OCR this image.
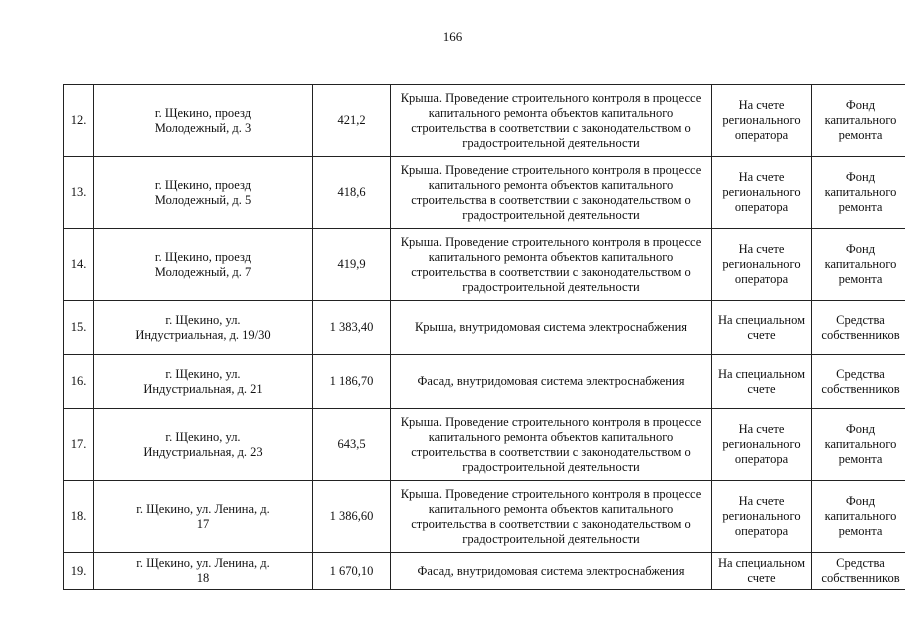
166
12.	г. Щекино, проезд
Молодежный, д. 3	421,2	Крыша. Проведение строительного контроля в процессе
капитального ремонта объектов капитального
строительства в соответствии с законодательством о
градостроительной деятельности	На счете
регионального
оператора	Фонд
капитального
ремонта
13.	г. Щекино, проезд
Молодежный, д. 5	418,6	Крыша. Проведение строительного контроля в процессе
капитального ремонта объектов капитального
строительства в соответствии с законодательством о
градостроительной деятельности	На счете
регионального
оператора	Фонд
капитального
ремонта
14.	г. Щекино, проезд
Молодежный, д. 7	419,9	Крыша. Проведение строительного контроля в процессе
капитального ремонта объектов капитального
строительства в соответствии с законодательством о
градостроительной деятельности	На счете
регионального
оператора	Фонд
капитального
ремонта
15.	г. Щекино, ул.
Индустриальная, д. 19/30	1 383,40	Крыша, внутридомовая система электроснабжения	На специальном
счете	Средства
собственников
16.	г. Щекино, ул.
Индустриальная, д. 21	1 186,70	Фасад, внутридомовая система электроснабжения	На специальном
счете	Средства
собственников
17.	г. Щекино, ул.
Индустриальная, д. 23	643,5	Крыша. Проведение строительного контроля в процессе
капитального ремонта объектов капитального
строительства в соответствии с законодательством о
градостроительной деятельности	На счете
регионального
оператора	Фонд
капитального
ремонта
18.	г. Щекино, ул. Ленина, д.
17	1 386,60	Крыша. Проведение строительного контроля в процессе
капитального ремонта объектов капитального
строительства в соответствии с законодательством о
градостроительной деятельности	На счете
регионального
оператора	Фонд
капитального
ремонта
19.	г. Щекино, ул. Ленина, д.
18	1 670,10	Фасад, внутридомовая система электроснабжения	На специальном
счете	Средства
собственников
